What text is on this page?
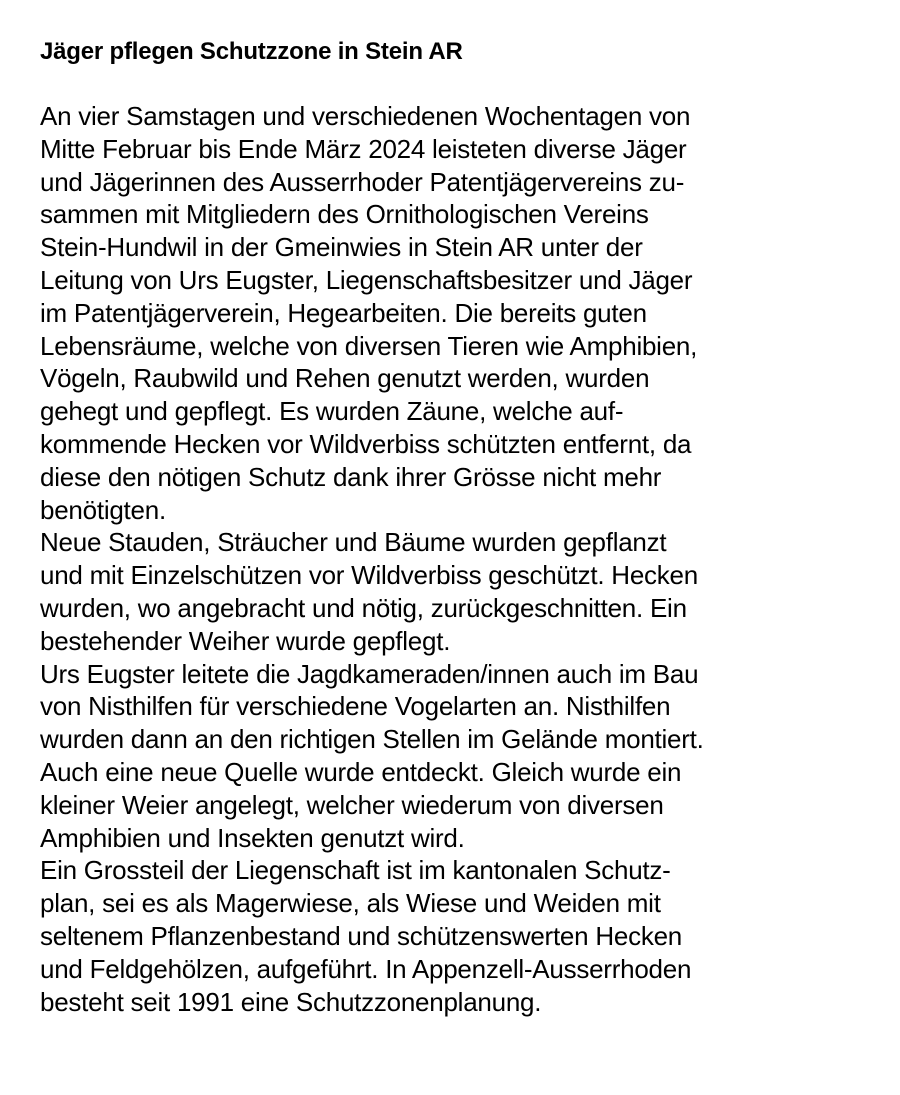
Jäger pflegen Schutzzone in Stein AR
An vier Samstagen und verschiedenen Wochentagen von
Mitte Februar bis Ende März 2024 leisteten diverse Jäger
und Jägerinnen des Ausserrhoder Patentjägervereins zu-
sammen mit Mitgliedern des Ornithologischen Vereins
Stein-Hundwil in der Gmeinwies in Stein AR unter der
Leitung von Urs Eugster, Liegenschaftsbesitzer und Jäger
im Patentjägerverein, Hegearbeiten. Die bereits guten
Lebensräume, welche von diversen Tieren wie Amphibien,
Vögeln, Raubwild und Rehen genutzt werden, wurden
gehegt und gepflegt. Es wurden Zäune, welche auf-
kommende Hecken vor Wildverbiss schützten entfernt, da
diese den nötigen Schutz dank ihrer Grösse nicht mehr
benötigten.
Neue Stauden, Sträucher und Bäume wurden gepflanzt
und mit Einzelschützen vor Wildverbiss geschützt. Hecken
wurden, wo angebracht und nötig, zurückgeschnitten. Ein
bestehender Weiher wurde gepflegt.
Urs Eugster leitete die Jagdkameraden/innen auch im Bau
von Nisthilfen für verschiedene Vogelarten an. Nisthilfen
wurden dann an den richtigen Stellen im Gelände montiert.
Auch eine neue Quelle wurde entdeckt. Gleich wurde ein
kleiner Weier angelegt, welcher wiederum von diversen
Amphibien und Insekten genutzt wird.
Ein Grossteil der Liegenschaft ist im kantonalen Schutz-
plan, sei es als Magerwiese, als Wiese und Weiden mit
seltenem Pflanzenbestand und schützenswerten Hecken
und Feldgehölzen, aufgeführt. In Appenzell-Ausserrhoden
besteht seit 1991 eine Schutzzonenplanung.
